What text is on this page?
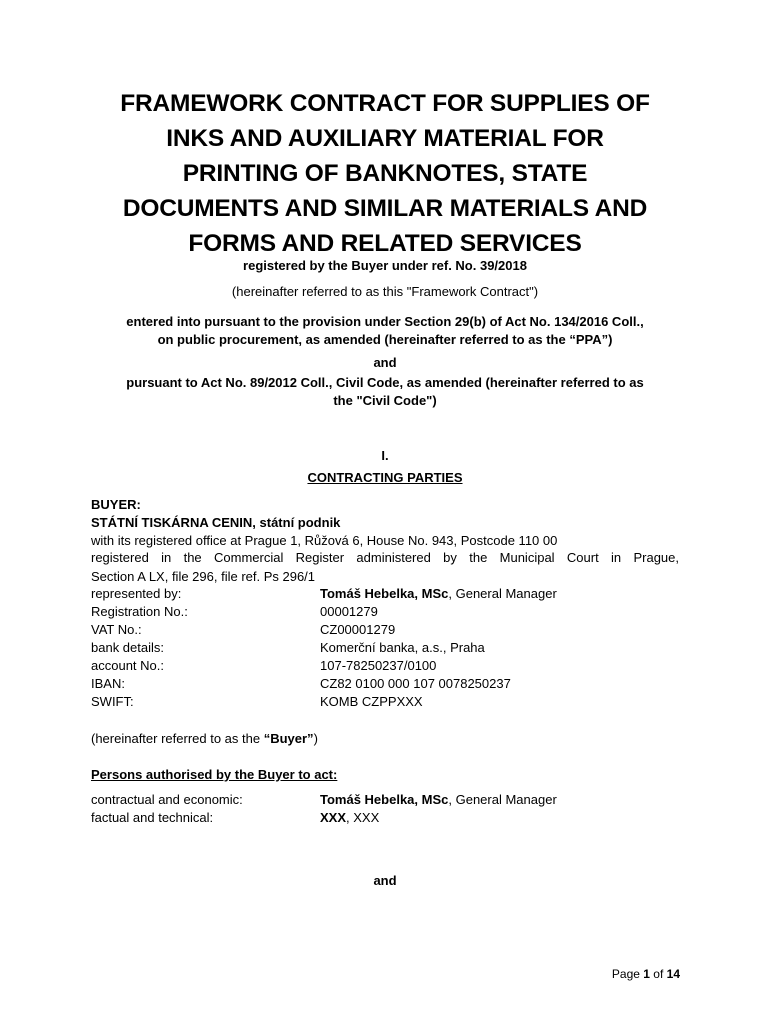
FRAMEWORK CONTRACT FOR SUPPLIES OF
INKS AND AUXILIARY MATERIAL FOR
PRINTING OF BANKNOTES, STATE
DOCUMENTS AND SIMILAR MATERIALS AND
FORMS AND RELATED SERVICES
registered by the Buyer under ref. No. 39/2018
(hereinafter referred to as this "Framework Contract")
entered into pursuant to the provision under Section 29(b) of Act No. 134/2016 Coll.,
on public procurement, as amended (hereinafter referred to as the “PPA”)
and
pursuant to Act No. 89/2012 Coll., Civil Code, as amended (hereinafter referred to as
the "Civil Code")
I.
CONTRACTING PARTIES
BUYER:
STÁTNÍ TISKÁRNA CENIN, státní podnik
with its registered office at Prague 1, Růžová 6, House No. 943, Postcode 110 00
registered in the Commercial Register administered by the Municipal Court in Prague,
Section A LX, file 296, file ref. Ps 296/1
represented by:	Tomáš Hebelka, MSc, General Manager
Registration No.:	00001279
VAT No.:	CZ00001279
bank details:	Komerční banka, a.s., Praha
account No.:	107-78250237/0100
IBAN:	CZ82 0100 000 107 0078250237
SWIFT:	KOMB CZPPXXX
(hereinafter referred to as the “Buyer”)
Persons authorised by the Buyer to act:
contractual and economic:	Tomáš Hebelka, MSc, General Manager
factual and technical:	XXX, XXX
and
Page 1 of 14
